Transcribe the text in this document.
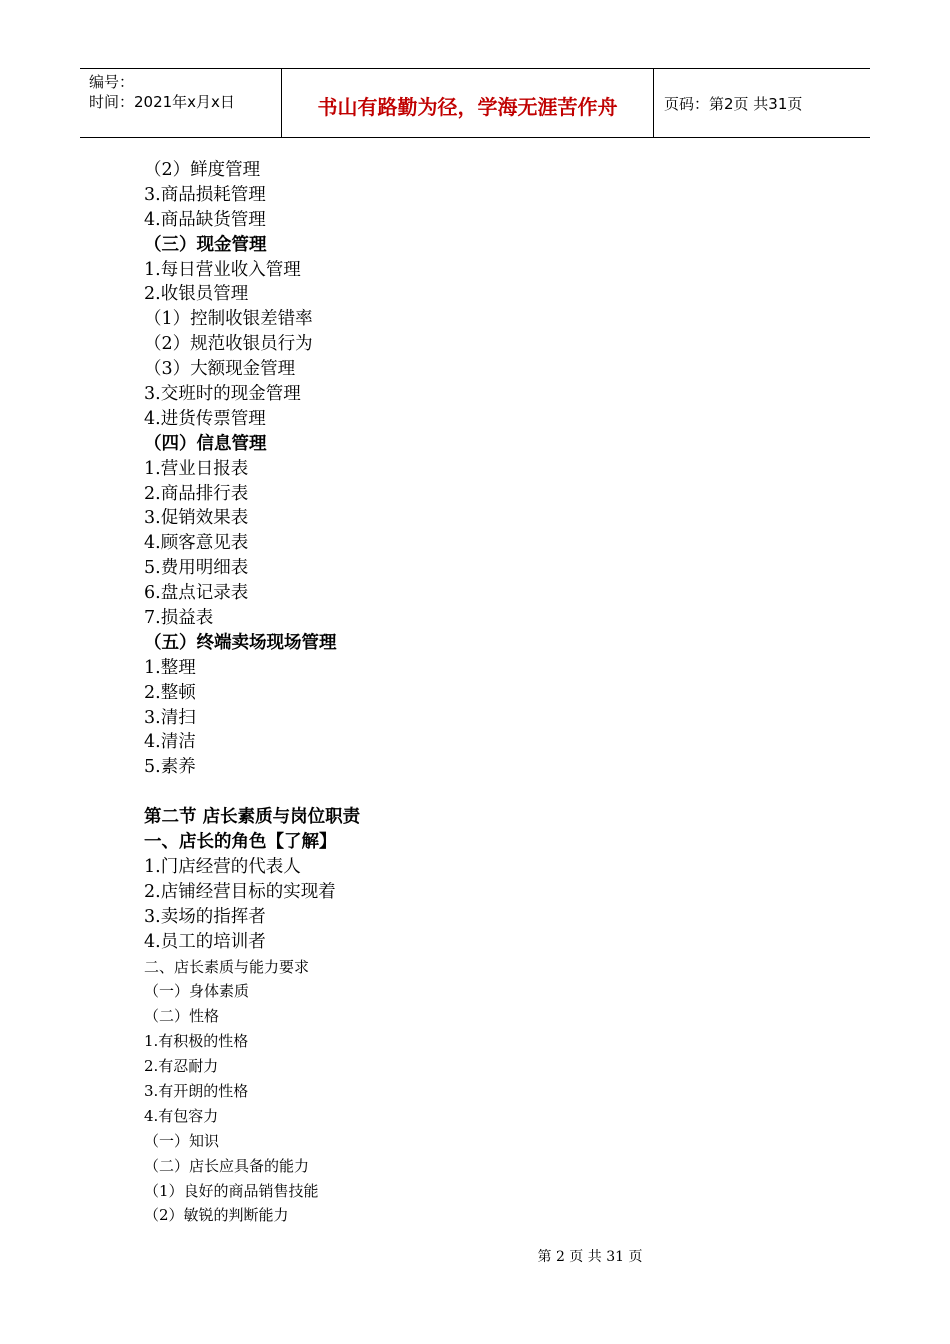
编号：
时间：2021年x月x日	书山有路勤为径，学海无涯苦作舟	页码：第2页 共31页
（2）鲜度管理
3.商品损耗管理
4.商品缺货管理
（三）现金管理
1.每日营业收入管理
2.收银员管理
（1）控制收银差错率
（2）规范收银员行为
（3）大额现金管理
3.交班时的现金管理
4.进货传票管理
（四）信息管理
1.营业日报表
2.商品排行表
3.促销效果表
4.顾客意见表
5.费用明细表
6.盘点记录表
7.损益表
（五）终端卖场现场管理
1.整理
2.整顿
3.清扫
4.清洁
5.素养
第二节 店长素质与岗位职责
一、店长的角色【了解】
1.门店经营的代表人
2.店铺经营目标的实现着
3.卖场的指挥者
4.员工的培训者
二、店长素质与能力要求
（一）身体素质
（二）性格
1.有积极的性格
2.有忍耐力
3.有开朗的性格
4.有包容力
（一）知识
（二）店长应具备的能力
（1）良好的商品销售技能
（2）敏锐的判断能力
第 2 页 共 31 页
